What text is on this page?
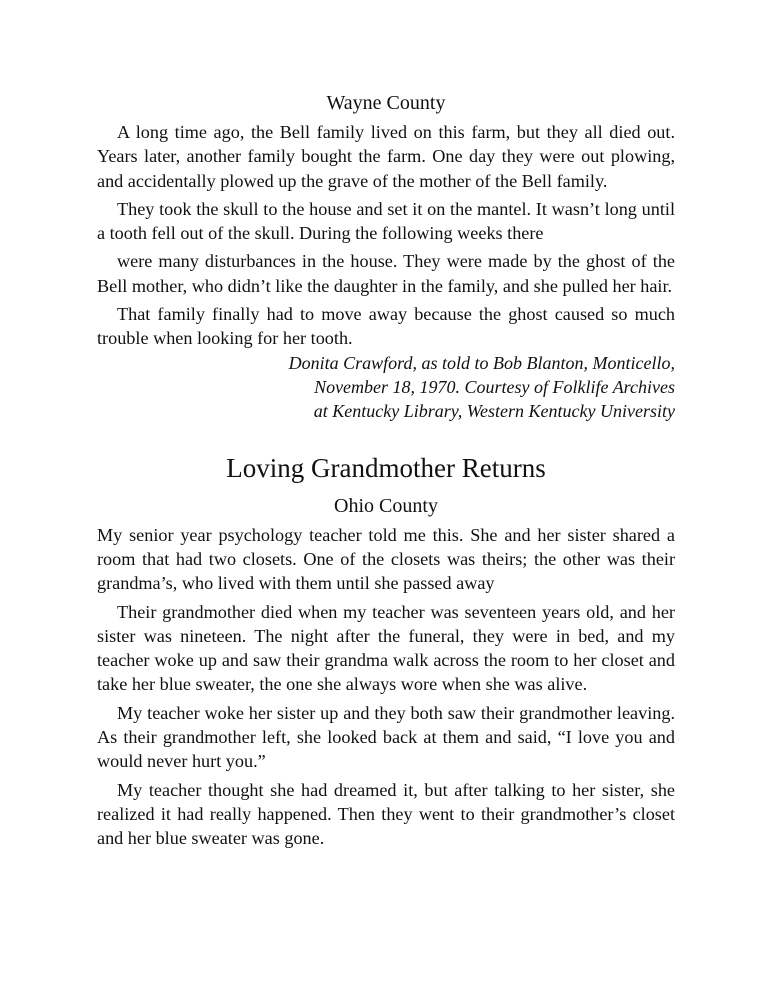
Wayne County

A long time ago, the Bell family lived on this farm, but they all died out. Years later, another family bought the farm. One day they were out plowing, and accidentally plowed up the grave of the mother of the Bell family.

They took the skull to the house and set it on the mantel. It wasn’t long until a tooth fell out of the skull. During the following weeks there

were many disturbances in the house. They were made by the ghost of the Bell mother, who didn’t like the daughter in the family, and she pulled her hair.

That family finally had to move away because the ghost caused so much trouble when looking for her tooth.

Donita Crawford, as told to Bob Blanton, Monticello,
November 18, 1970. Courtesy of Folklife Archives
at Kentucky Library, Western Kentucky University
Loving Grandmother Returns
Ohio County

My senior year psychology teacher told me this. She and her sister shared a room that had two closets. One of the closets was theirs; the other was their grandma’s, who lived with them until she passed away

Their grandmother died when my teacher was seventeen years old, and her sister was nineteen. The night after the funeral, they were in bed, and my teacher woke up and saw their grandma walk across the room to her closet and take her blue sweater, the one she always wore when she was alive.

My teacher woke her sister up and they both saw their grandmother leaving. As their grandmother left, she looked back at them and said, “I love you and would never hurt you.”

My teacher thought she had dreamed it, but after talking to her sister, she realized it had really happened. Then they went to their grandmother’s closet and her blue sweater was gone.
